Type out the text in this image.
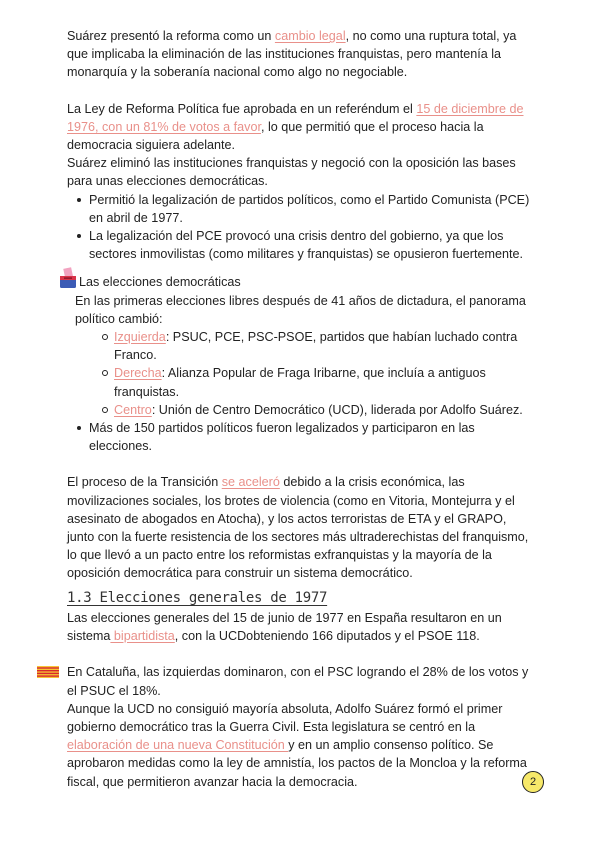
Suárez presentó la reforma como un cambio legal, no como una ruptura total, ya que implicaba la eliminación de las instituciones franquistas, pero mantenía la monarquía y la soberanía nacional como algo no negociable.

La Ley de Reforma Política fue aprobada en un referéndum el 15 de diciembre de 1976, con un 81% de votos a favor, lo que permitió que el proceso hacia la democracia siguiera adelante.

Suárez eliminó las instituciones franquistas y negoció con la oposición las bases para unas elecciones democráticas.

Permitió la legalización de partidos políticos, como el Partido Comunista (PCE) en abril de 1977.
La legalización del PCE provocó una crisis dentro del gobierno, ya que los sectores inmovilistas (como militares y franquistas) se opusieron fuertemente.
Las elecciones democráticas

En las primeras elecciones libres después de 41 años de dictadura, el panorama político cambió:

Izquierda: PSUC, PCE, PSC-PSOE, partidos que habían luchado contra Franco.
Derecha: Alianza Popular de Fraga Iribarne, que incluía a antiguos franquistas.
Centro: Unión de Centro Democrático (UCD), liderada por Adolfo Suárez.
Más de 150 partidos políticos fueron legalizados y participaron en las elecciones.

El proceso de la Transición se aceleró debido a la crisis económica, las movilizaciones sociales, los brotes de violencia (como en Vitoria, Montejurra y el asesinato de abogados en Atocha), y los actos terroristas de ETA y el GRAPO, junto con la fuerte resistencia de los sectores más ultraderechistas del franquismo, lo que llevó a un pacto entre los reformistas exfranquistas y la mayoría de la oposición democrática para construir un sistema democrático.

1.3 Elecciones generales de 1977

Las elecciones generales del 15 de junio de 1977 en España resultaron en un sistema bipartidista, con la UCDobteniendo 166 diputados y el PSOE 118.

En Cataluña, las izquierdas dominaron, con el PSC logrando el 28% de los votos y el PSUC el 18%.

Aunque la UCD no consiguió mayoría absoluta, Adolfo Suárez formó el primer gobierno democrático tras la Guerra Civil. Esta legislatura se centró en la elaboración de una nueva Constitución y en un amplio consenso político. Se aprobaron medidas como la ley de amnistía, los pactos de la Moncloa y la reforma fiscal, que permitieron avanzar hacia la democracia.	2
